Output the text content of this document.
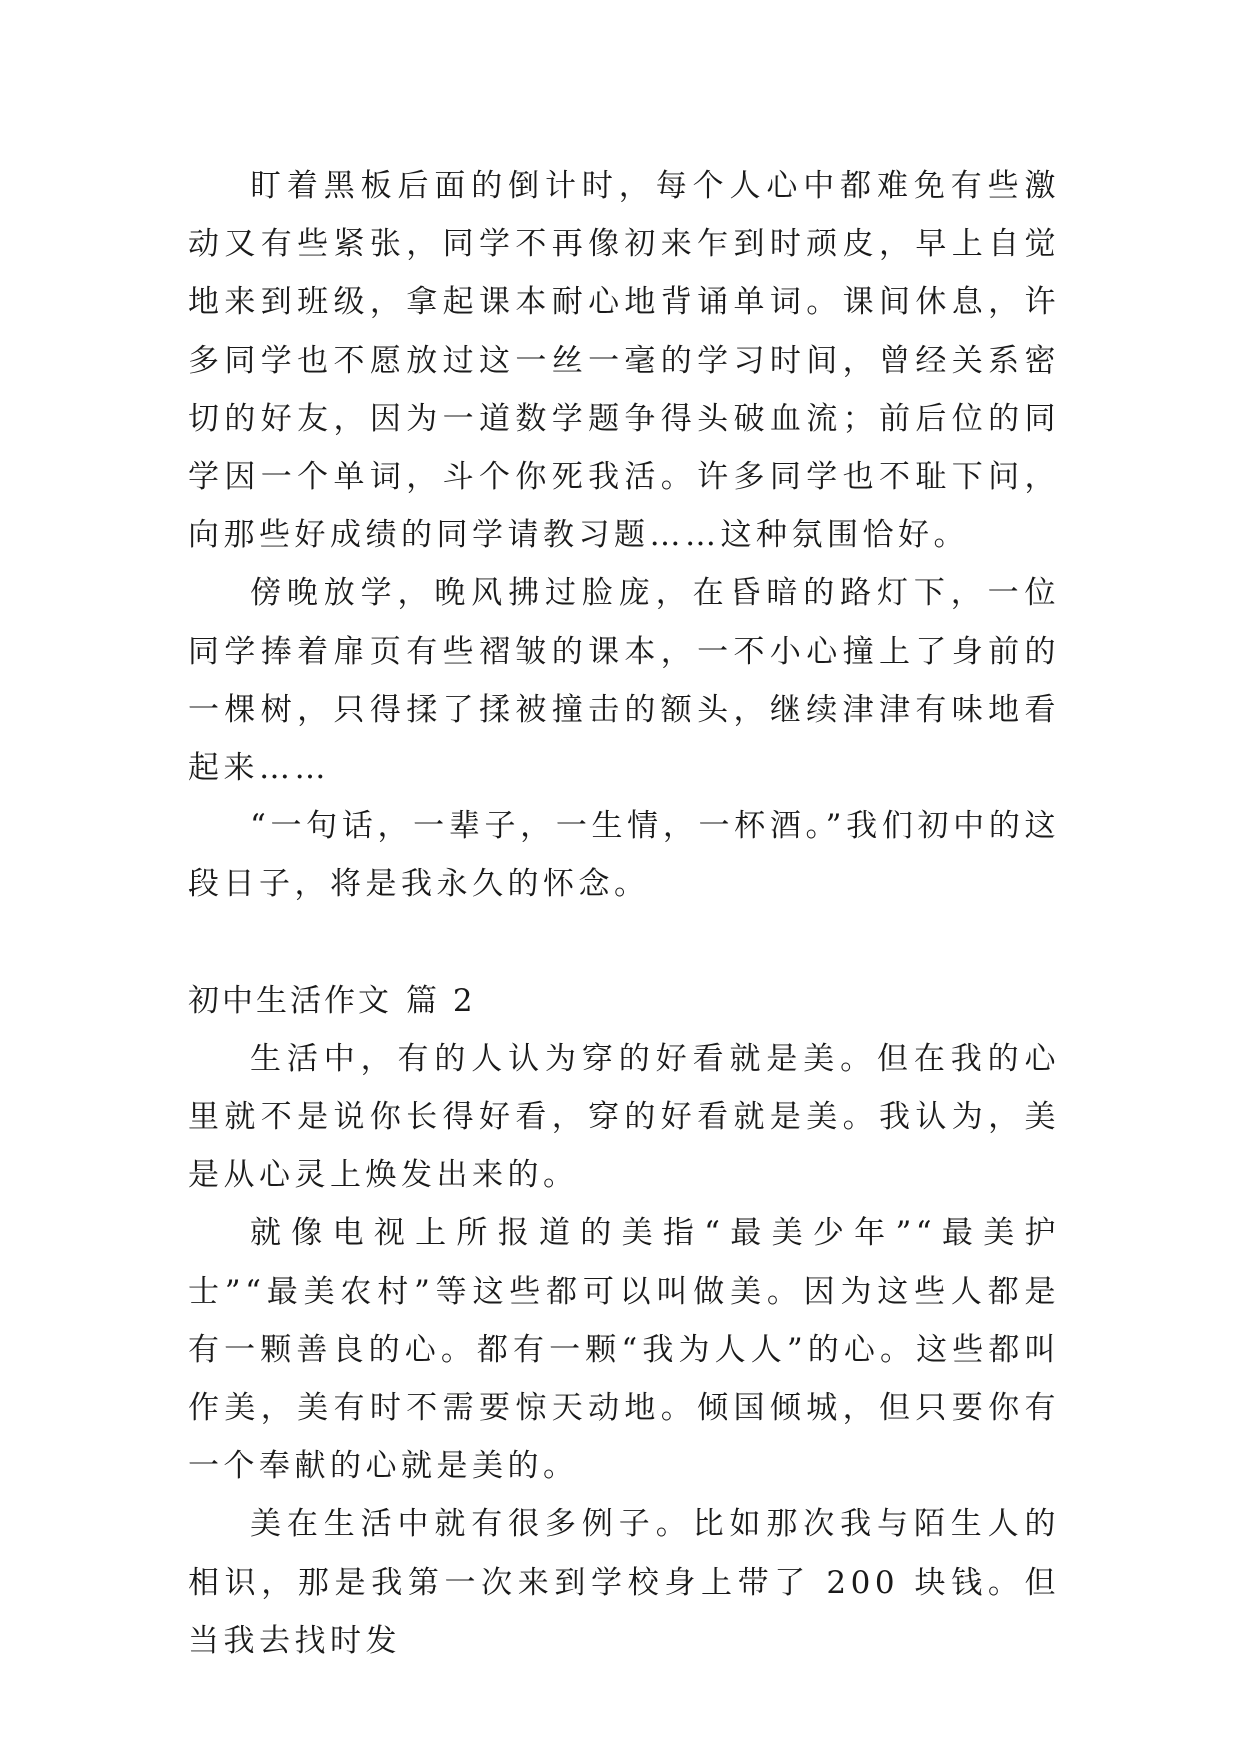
盯着黑板后面的倒计时，每个人心中都难免有些激动又有些紧张，同学不再像初来乍到时顽皮，早上自觉地来到班级，拿起课本耐心地背诵单词。课间休息，许多同学也不愿放过这一丝一毫的学习时间，曾经关系密切的好友，因为一道数学题争得头破血流；前后位的同学因一个单词，斗个你死我活。许多同学也不耻下问，向那些好成绩的同学请教习题……这种氛围恰好。

傍晚放学，晚风拂过脸庞，在昏暗的路灯下，一位同学捧着扉页有些褶皱的课本，一不小心撞上了身前的一棵树，只得揉了揉被撞击的额头，继续津津有味地看起来……

“一句话，一辈子，一生情，一杯酒。”我们初中的这段日子，将是我永久的怀念。

初中生活作文 篇 2

生活中，有的人认为穿的好看就是美。但在我的心里就不是说你长得好看，穿的好看就是美。我认为，美是从心灵上焕发出来的。

就像电视上所报道的美指“最美少年”“最美护士”“最美农村”等这些都可以叫做美。因为这些人都是有一颗善良的心。都有一颗“我为人人”的心。这些都叫作美，美有时不需要惊天动地。倾国倾城，但只要你有一个奉献的心就是美的。

美在生活中就有很多例子。比如那次我与陌生人的相识，那是我第一次来到学校身上带了 200 块钱。但当我去找时发
